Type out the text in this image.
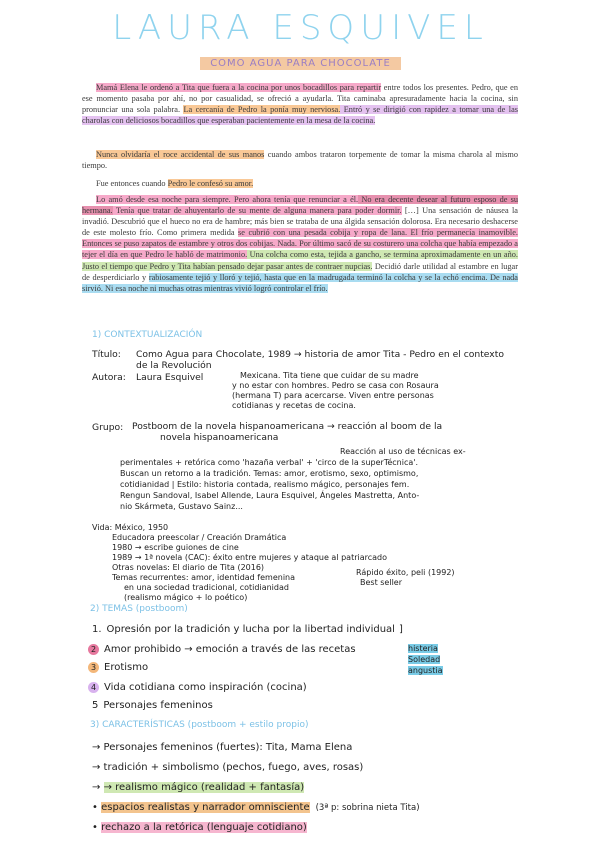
LAURA ESQUIVEL
COMO AGUA PARA CHOCOLATE

Mamá Elena le ordenó a Tita que fuera a la cocina por unos bocadillos para repartir entre todos los presentes. Pedro, que en ese momento pasaba por ahí, no por casualidad, se ofreció a ayudarla. Tita caminaba apresuradamente hacia la cocina, sin pronunciar una sola palabra. La cercanía de Pedro la ponía muy nerviosa. Entró y se dirigió con rapidez a tomar una de las charolas con deliciosos bocadillos que esperaban pacientemente en la mesa de la cocina.

Nunca olvidaría el roce accidental de sus manos cuando ambos trataron torpemente de tomar la misma charola al mismo tiempo.

Fue entonces cuando Pedro le confesó su amor.

Lo amó desde esa noche para siempre. Pero ahora tenía que renunciar a él. No era decente desear al futuro esposo de su hermana. Tenía que tratar de ahuyentarlo de su mente de alguna manera para poder dormir. […] Una sensación de náusea la invadió. Descubrió que el hueco no era de hambre; más bien se trataba de una álgida sensación dolorosa. Era necesario deshacerse de este molesto frío. Como primera medida se cubrió con una pesada cobija y ropa de lana. El frío permanecía inamovible. Entonces se puso zapatos de estambre y otros dos cobijas. Nada. Por último sacó de su costurero una colcha que había empezado a tejer el día en que Pedro le habló de matrimonio. Una colcha como esta, tejida a gancho, se termina aproximadamente en un año. Justo el tiempo que Pedro y Tita habían pensado dejar pasar antes de contraer nupcias. Decidió darle utilidad al estambre en lugar de desperdiciarlo y rabiosamente tejió y lloró y tejió, hasta que en la madrugada terminó la colcha y se la echó encima. De nada sirvió. Ni esa noche ni muchas otras mientras vivió logró controlar el frío.

1) CONTEXTUALIZACIÓN
Título: Como Agua para Chocolate, 1989 → historia de amor Tita - Pedro en el contexto de la Revolución
Autora: Laura Esquivel	Mexicana. Tita tiene que cuidar de su madre
y no estar con hombres. Pedro se casa con Rosaura
(hermana T) para acercarse. Viven entre personas
cotidianas y recetas de cocina.
Grupo: Postboom de la novela hispanoamericana → reacción al boom de la
novela hispanoamericana
Reacción al uso de técnicas ex-
perimentales + retórica como 'hazaña verbal' + 'circo de la superTécnica'.
Buscan un retorno a la tradición. Temas: amor, erotismo, sexo, optimismo,
cotidianidad | Estilo: historia contada, realismo mágico, personajes fem.
Rengun Sandoval, Isabel Allende, Laura Esquivel, Ángeles Mastretta, Anto-
nio Skármeta, Gustavo Sainz...
Vida: México, 1950
Educadora preescolar / Creación Dramática
1980 → escribe guiones de cine
1989 → 1ª novela (CAC): éxito entre mujeres y ataque al patriarcado
Otras novelas: El diario de Tita (2016)
Temas recurrentes: amor, identidad femenina
en una sociedad tradicional, cotidianidad
(realismo mágico + lo poético)
Rápido éxito, peli (1992)
Best seller
2) TEMAS (postboom)
1. Opresión por la tradición y lucha por la libertad individual ]
2 Amor prohibido → emoción a través de las recetas
3 Erotismo
4 Vida cotidiana como inspiración (cocina)
5 Personajes femeninos
histeria
Soledad
angustia
3) CARACTERÍSTICAS (postboom + estilo propio)
→ Personajes femeninos (fuertes): Tita, Mama Elena
→ tradición + simbolismo (pechos, fuego, aves, rosas)
→ → realismo mágico (realidad + fantasía)
• espacios realistas y narrador omnisciente (3ª p: sobrina nieta Tita)
• rechazo a la retórica (lenguaje cotidiano)
